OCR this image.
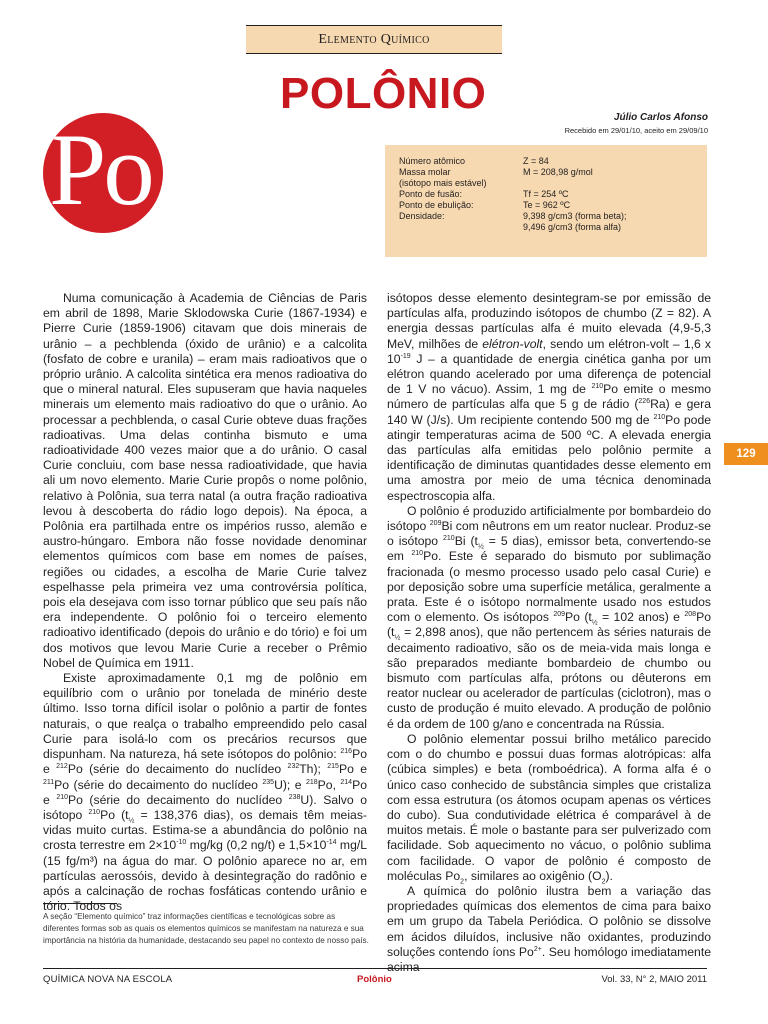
Elemento Químico
POLÔNIO	Júlio Carlos Afonso
Recebido em 29/01/10, aceito em 29/09/10
Po	Número atômico	Z = 84
Massa molar	M = 208,98 g/mol
(isótopo mais estável)	
Ponto de fusão:	Tf = 254 ºC
Ponto de ebulição:	Te = 962 ºC
Densidade:	9,398 g/cm3 (forma beta);
	9,496 g/cm3 (forma alfa)

Numa comunicação à Academia de Ciências de Paris em abril de 1898, Marie Sklodowska Curie (1867-1934) e Pierre Curie (1859-1906) citavam que dois minerais de urânio – a pechblenda (óxido de urânio) e a calcolita (fosfato de cobre e uranila) – eram mais radioativos que o próprio urânio. A calcolita sintética era menos radioativa do que o mineral natural. Eles supuseram que havia naqueles minerais um elemento mais radioativo do que o urânio. Ao processar a pechblenda, o casal Curie obteve duas frações radioativas. Uma delas continha bismuto e uma radioatividade 400 vezes maior que a do urânio. O casal Curie concluiu, com base nessa radioatividade, que havia ali um novo elemento. Marie Curie propôs o nome polônio, relativo à Polônia, sua terra natal (a outra fração radioativa levou à descoberta do rádio logo depois). Na época, a Polônia era partilhada entre os impérios russo, alemão e austro-húngaro. Embora não fosse novidade denominar elementos químicos com base em nomes de países, regiões ou cidades, a escolha de Marie Curie talvez espelhasse pela primeira vez uma controvérsia política, pois ela desejava com isso tornar público que seu país não era independente. O polônio foi o terceiro elemento radioativo identificado (depois do urânio e do tório) e foi um dos motivos que levou Marie Curie a receber o Prêmio Nobel de Química em 1911.

Existe aproximadamente 0,1 mg de polônio em equilíbrio com o urânio por tonelada de minério deste último. Isso torna difícil isolar o polônio a partir de fontes naturais, o que realça o trabalho empreendido pelo casal Curie para isolá-lo com os precários recursos que dispunham. Na natureza, há sete isótopos do polônio: $^{216}$Po e $^{212}$Po (série do decaimento do nuclídeo $^{232}$Th); $^{215}$Po e $^{211}$Po (série do decaimento do nuclídeo $^{235}$U); e $^{218}$Po, $^{214}$Po e $^{210}$Po (série do decaimento do nuclídeo $^{238}$U). Salvo o isótopo $^{210}$Po ($t_{\frac{1}{2}} = 138,376$ dias), os demais têm meias-vidas muito curtas. Estima-se a abundância do polônio na crosta terrestre em $2\times 10^{-10}$ mg/kg (0,2 ng/t) e $1,5\times 10^{-14}$ mg/L (15 fg/m³) na água do mar. O polônio aparece no ar, em partículas aerossóis, devido à desintegração do radônio e após a calcinação de rochas fosfáticas contendo urânio e tório. Todos os

isótopos desse elemento desintegram-se por emissão de partículas alfa, produzindo isótopos de chumbo (Z = 82). A energia dessas partículas alfa é muito elevada (4,9-5,3 MeV, milhões de elétron-volt, sendo um elétron-volt – 1,6 x $10^{-19}$ J – a quantidade de energia cinética ganha por um elétron quando acelerado por uma diferença de potencial de 1 V no vácuo). Assim, 1 mg de $^{210}$Po emite o mesmo número de partículas alfa que 5 g de rádio ($^{226}$Ra) e gera 140 W (J/s). Um recipiente contendo 500 mg de $^{210}$Po pode atingir temperaturas acima de 500 ºC. A elevada energia das partículas alfa emitidas pelo polônio permite a identificação de diminutas quantidades desse elemento em uma amostra por meio de uma técnica denominada espectroscopia alfa.

O polônio é produzido artificialmente por bombardeio do isótopo $^{209}$Bi com nêutrons em um reator nuclear. Produz-se o isótopo $^{210}$Bi ($t_{\frac{1}{2}} = 5$ dias), emissor beta, convertendo-se em $^{210}$Po. Este é separado do bismuto por sublimação fracionada (o mesmo processo usado pelo casal Curie) e por deposição sobre uma superfície metálica, geralmente a prata. Este é o isótopo normalmente usado nos estudos com o elemento. Os isótopos $^{209}$Po ($t_{\frac{1}{2}} = 102$ anos) e $^{208}$Po ($t_{\frac{1}{2}} = 2,898$ anos), que não pertencem às séries naturais de decaimento radioativo, são os de meia-vida mais longa e são preparados mediante bombardeio de chumbo ou bismuto com partículas alfa, prótons ou dêuterons em reator nuclear ou acelerador de partículas (ciclotron), mas o custo de produção é muito elevado. A produção de polônio é da ordem de 100 g/ano e concentrada na Rússia.

O polônio elementar possui brilho metálico parecido com o do chumbo e possui duas formas alotrópicas: alfa (cúbica simples) e beta (romboédrica). A forma alfa é o único caso conhecido de substância simples que cristaliza com essa estrutura (os átomos ocupam apenas os vértices do cubo). Sua condutividade elétrica é comparável à de muitos metais. É mole o bastante para ser pulverizado com facilidade. Sob aquecimento no vácuo, o polônio sublima com facilidade. O vapor de polônio é composto de moléculas $Po_2$, similares ao oxigênio $(O_2)$.

A química do polônio ilustra bem a variação das propriedades químicas dos elementos de cima para baixo em um grupo da Tabela Periódica. O polônio se dissolve em ácidos diluídos, inclusive não oxidantes, produzindo soluções contendo íons $Po^{2+}$. Seu homólogo imediatamente acima

A seção “Elemento químico” traz informações científicas e tecnológicas sobre as diferentes formas sob as quais os elementos químicos se manifestam na natureza e sua importância na história da humanidade, destacando seu papel no contexto de nosso país.
QUÍMICA NOVA NA ESCOLA	Polônio	Vol. 33, N° 2, MAIO 2011
129
